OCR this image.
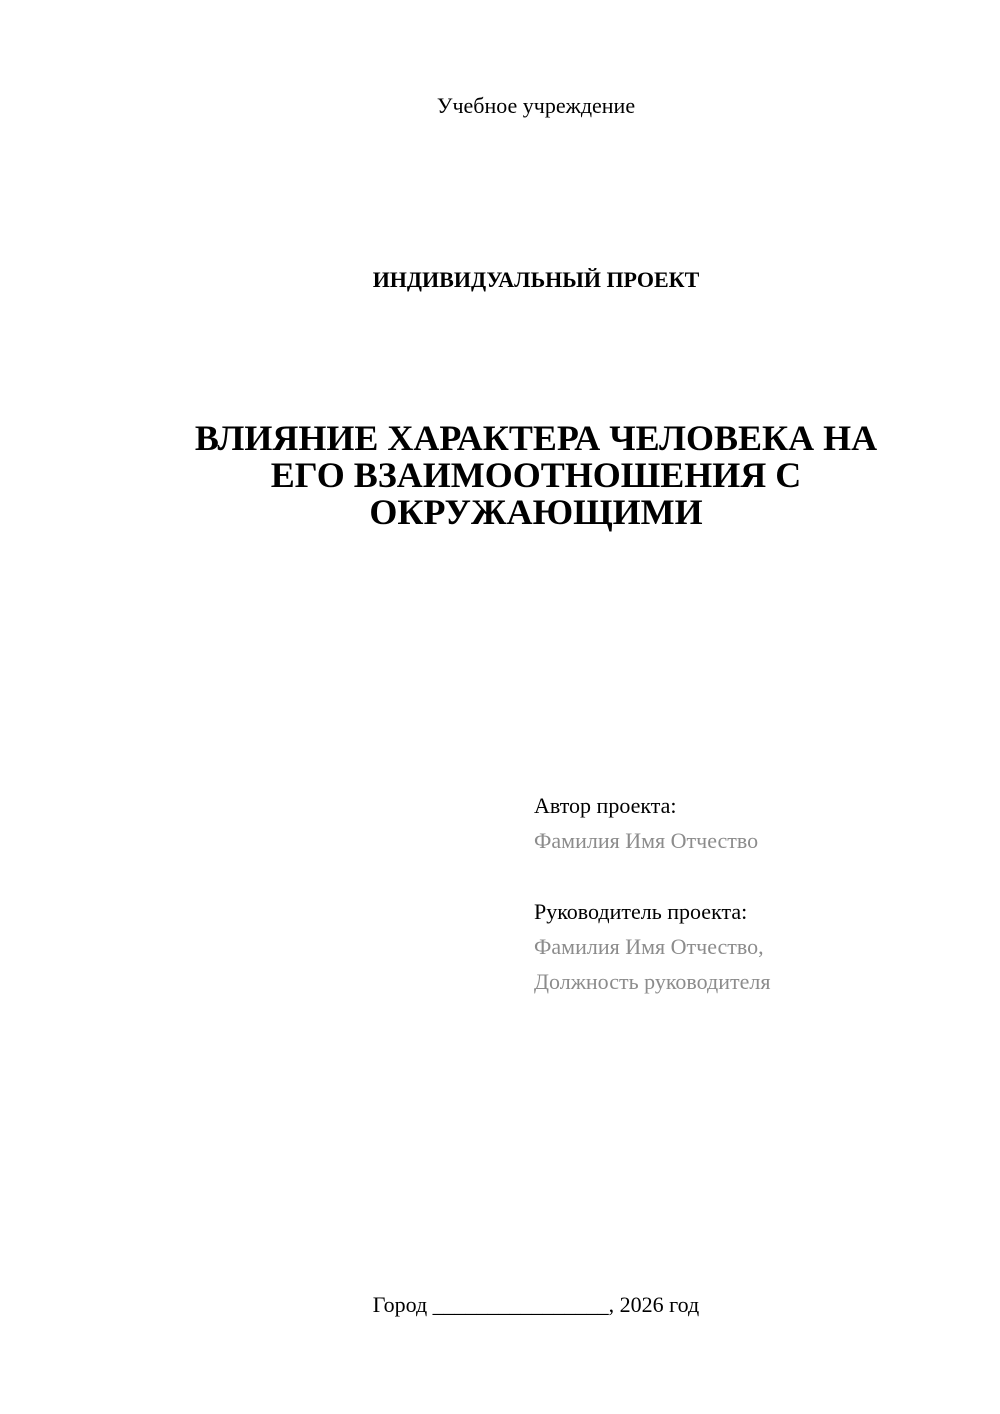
Учебное учреждение
ИНДИВИДУАЛЬНЫЙ ПРОЕКТ
ВЛИЯНИЕ ХАРАКТЕРА ЧЕЛОВЕКА НА
ЕГО ВЗАИМООТНОШЕНИЯ С
ОКРУЖАЮЩИМИ
Автор проекта:
Фамилия Имя Отчество
Руководитель проекта:
Фамилия Имя Отчество,
Должность руководителя
Город ________________, 2026 год
